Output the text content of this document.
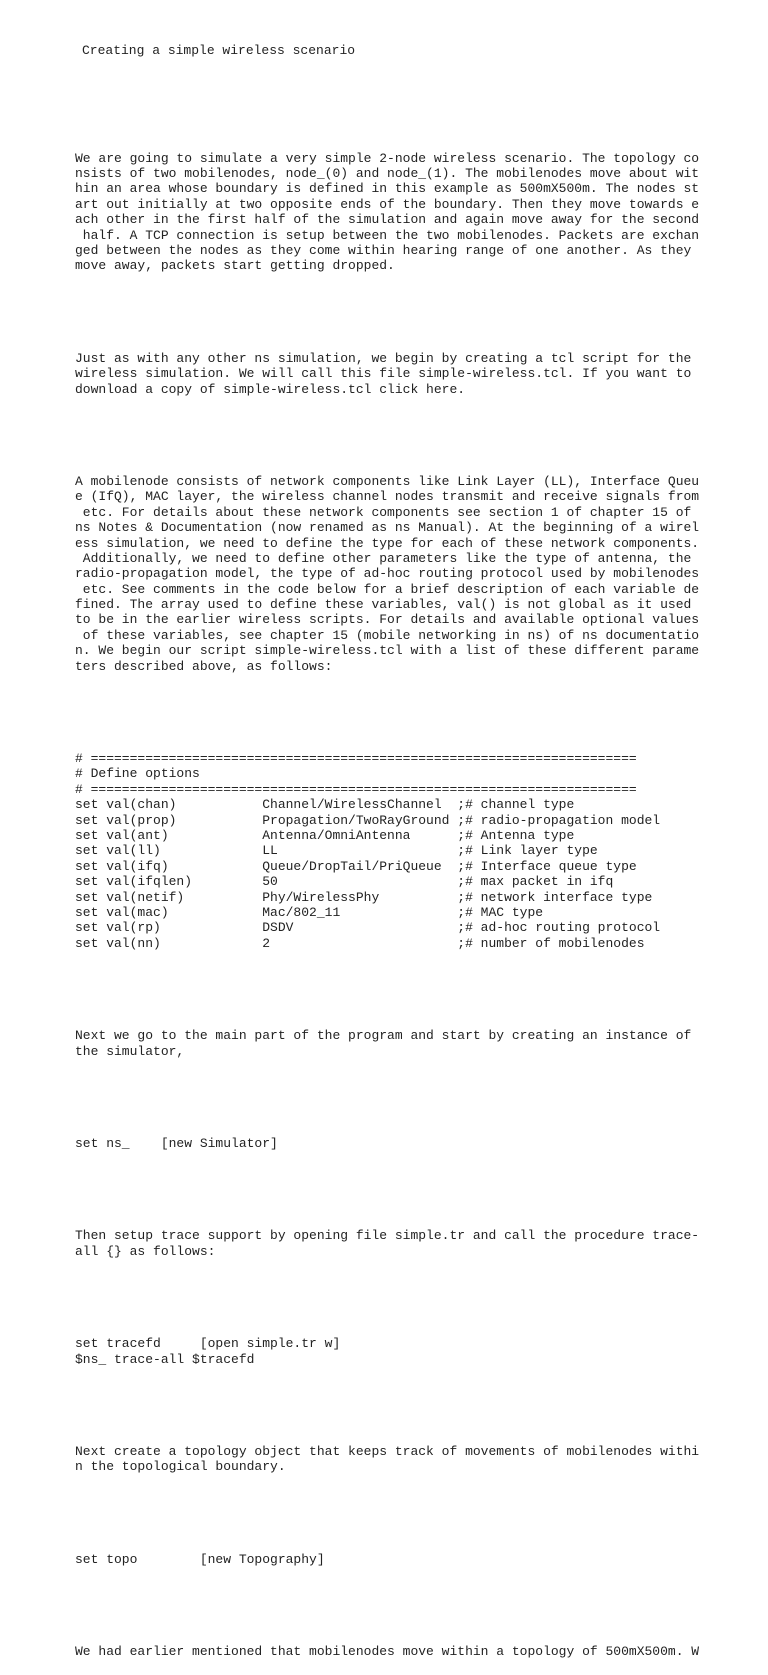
Creating a simple wireless scenario

We are going to simulate a very simple 2-node wireless scenario. The topology co
nsists of two mobilenodes, node_(0) and node_(1). The mobilenodes move about wit
hin an area whose boundary is defined in this example as 500mX500m. The nodes st
art out initially at two opposite ends of the boundary. Then they move towards e
ach other in the first half of the simulation and again move away for the second
half. A TCP connection is setup between the two mobilenodes. Packets are exchan
ged between the nodes as they come within hearing range of one another. As they
move away, packets start getting dropped.

Just as with any other ns simulation, we begin by creating a tcl script for the
wireless simulation. We will call this file simple-wireless.tcl. If you want to
download a copy of simple-wireless.tcl click here.

A mobilenode consists of network components like Link Layer (LL), Interface Queu
e (IfQ), MAC layer, the wireless channel nodes transmit and receive signals from
etc. For details about these network components see section 1 of chapter 15 of
ns Notes & Documentation (now renamed as ns Manual). At the beginning of a wirel
ess simulation, we need to define the type for each of these network components.
Additionally, we need to define other parameters like the type of antenna, the
radio-propagation model, the type of ad-hoc routing protocol used by mobilenodes
etc. See comments in the code below for a brief description of each variable de
fined. The array used to define these variables, val() is not global as it used
to be in the earlier wireless scripts. For details and available optional values
of these variables, see chapter 15 (mobile networking in ns) of ns documentatio
n. We begin our script simple-wireless.tcl with a list of these different parame
ters described above, as follows:

# ======================================================================
# Define options
# ======================================================================
set val(chan)           Channel/WirelessChannel  ;# channel type
set val(prop)           Propagation/TwoRayGround ;# radio-propagation model
set val(ant)            Antenna/OmniAntenna      ;# Antenna type
set val(ll)             LL                       ;# Link layer type
set val(ifq)            Queue/DropTail/PriQueue  ;# Interface queue type
set val(ifqlen)         50                       ;# max packet in ifq
set val(netif)          Phy/WirelessPhy          ;# network interface type
set val(mac)            Mac/802_11               ;# MAC type
set val(rp)             DSDV                     ;# ad-hoc routing protocol
set val(nn)             2                        ;# number of mobilenodes

Next we go to the main part of the program and start by creating an instance of
the simulator,

set ns_    [new Simulator]

Then setup trace support by opening file simple.tr and call the procedure trace-
all {} as follows:

set tracefd     [open simple.tr w]
$ns_ trace-all $tracefd

Next create a topology object that keeps track of movements of mobilenodes withi
n the topological boundary.

set topo        [new Topography]

We had earlier mentioned that mobilenodes move within a topology of 500mX500m. W
